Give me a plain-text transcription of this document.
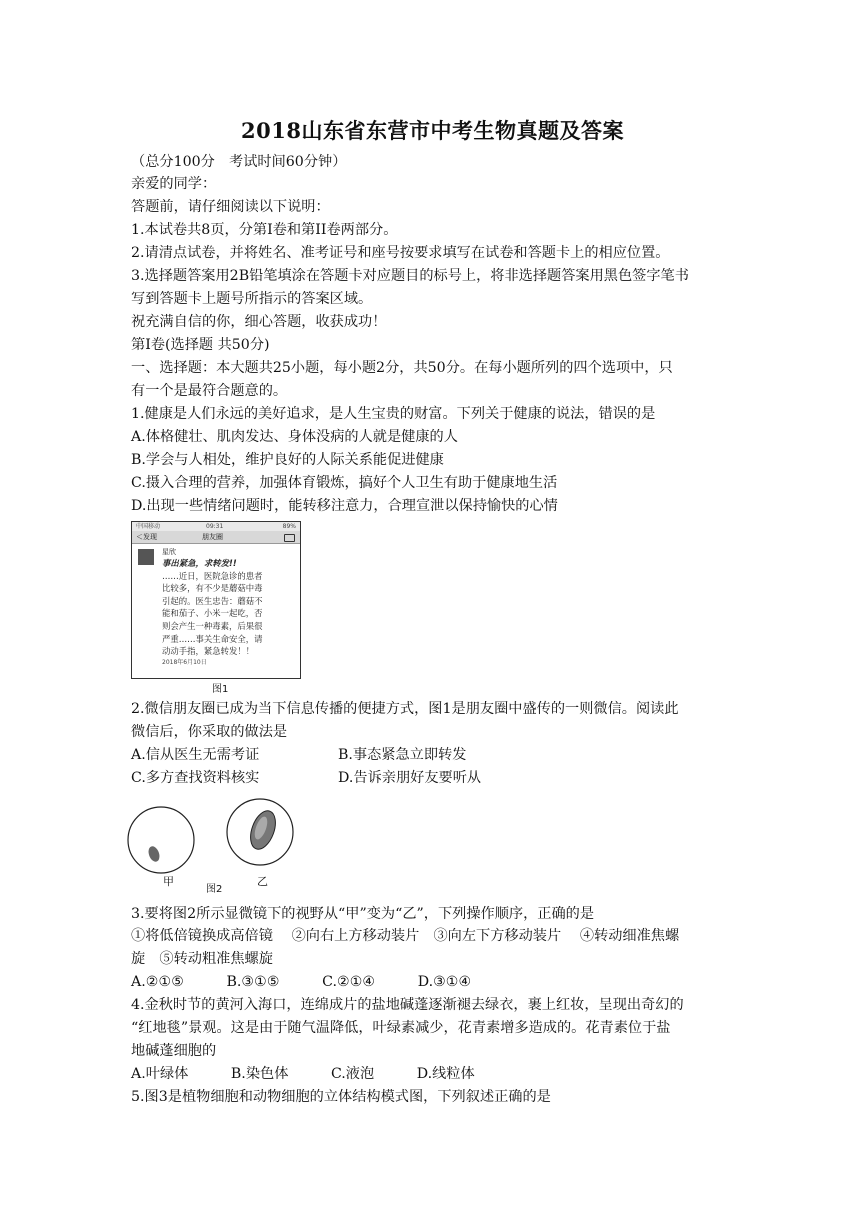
2018山东省东营市中考生物真题及答案
（总分100分　考试时间60分钟）
亲爱的同学：
答题前，请仔细阅读以下说明：
1.本试卷共8页，分第Ⅰ卷和第II卷两部分。
2.请清点试卷，并将姓名、准考证号和座号按要求填写在试卷和答题卡上的相应位置。
3.选择题答案用2B铅笔填涂在答题卡对应题目的标号上，将非选择题答案用黑色签字笔书
写到答题卡上题号所指示的答案区域。
祝充满自信的你，细心答题，收获成功！
第Ⅰ卷(选择题 共50分)
一、选择题：本大题共25小题，每小题2分，共50分。在每小题所列的四个选项中，只
有一个是最符合题意的。
1.健康是人们永远的美好追求，是人生宝贵的财富。下列关于健康的说法，错误的是
A.体格健壮、肌肉发达、身体没病的人就是健康的人
B.学会与人相处，维护良好的人际关系能促进健康
C.摄入合理的营养，加强体育锻炼，搞好个人卫生有助于健康地生活
D.出现一些情绪问题时，能转移注意力，合理宣泄以保持愉快的心情
中国移动	09:31	89%
＜发现	朋友圈
星欣
事出紧急，求转发!!
……近日，医院急诊的患者
比较多，有不少是蘑菇中毒
引起的。医生忠告：蘑菇不
能和茄子、小米一起吃，否
则会产生一种毒素，后果很
严重……事关生命安全，请
动动手指，紧急转发！！
2018年6月10日
图1
2.微信朋友圈已成为当下信息传播的便捷方式，图1是朋友圈中盛传的一则微信。阅读此
微信后，你采取的做法是
A.信从医生无需考证	B.事态紧急立即转发
C.多方查找资料核实	D.告诉亲朋好友要听从
甲
图2
乙
3.要将图2所示显微镜下的视野从“甲”变为“乙”，下列操作顺序，正确的是
①将低倍镜换成高倍镜　 ②向右上方移动装片　③向左下方移动装片　 ④转动细准焦螺
旋　⑤转动粗准焦螺旋
A.②①⑤　　　B.③①⑤　　　C.②①④　　　D.③①④
4.金秋时节的黄河入海口，连绵成片的盐地碱蓬逐渐褪去绿衣，裹上红妆，呈现出奇幻的
“红地毯”景观。这是由于随气温降低，叶绿素减少，花青素增多造成的。花青素位于盐
地碱蓬细胞的
A.叶绿体　　　B.染色体　　　C.液泡　　　D.线粒体
5.图3是植物细胞和动物细胞的立体结构模式图，下列叙述正确的是
